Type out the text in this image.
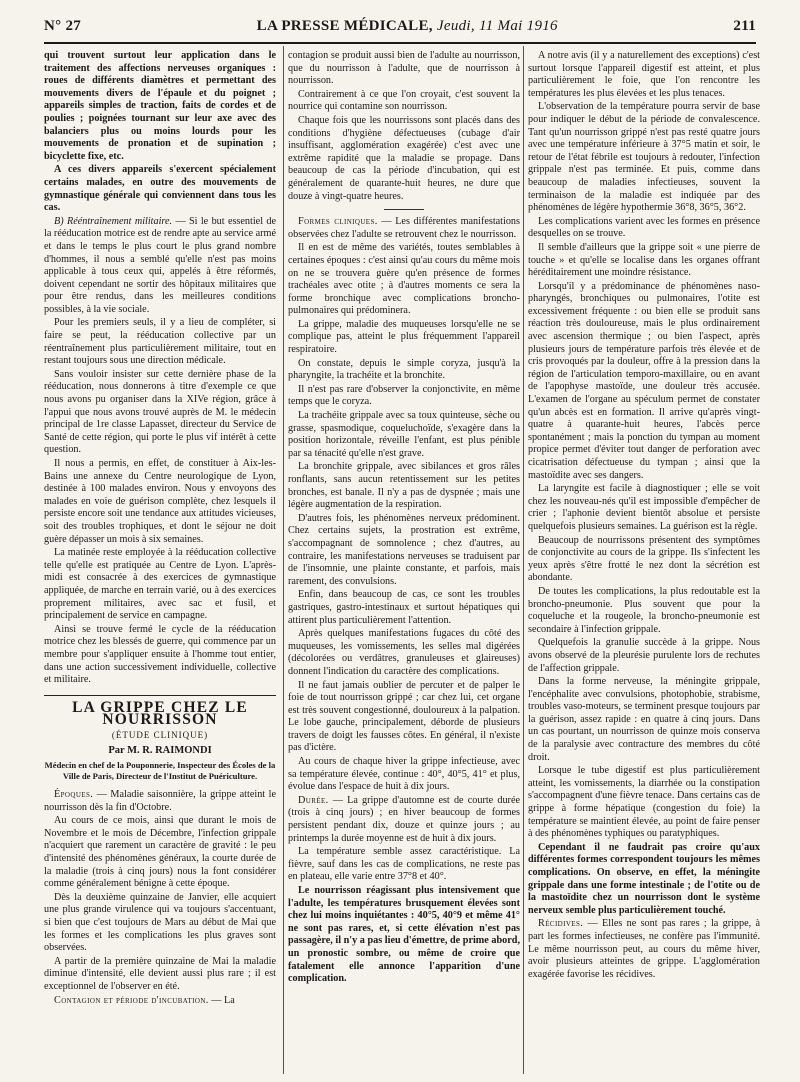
N° 27	LA PRESSE MÉDICALE, Jeudi, 11 Mai 1916	211

qui trouvent surtout leur application dans le traitement des affections nerveuses organiques : roues de différents diamètres et permettant des mouvements divers de l'épaule et du poignet ; appareils simples de traction, faits de cordes et de poulies ; poignées tournant sur leur axe avec des balanciers plus ou moins lourds pour les mouvements de pronation et de supination ; bicyclette fixe, etc.

A ces divers appareils s'exercent spécialement certains malades, en outre des mouvements de gymnastique générale qui conviennent dans tous les cas.

B) Rééntraînement militaire. — Si le but essentiel de la rééducation motrice est de rendre apte au service armé et dans le temps le plus court le plus grand nombre d'hommes, il nous a semblé qu'elle n'est pas moins applicable à tous ceux qui, appelés à être réformés, doivent cependant ne sortir des hôpitaux militaires que pour être rendus, dans les meilleures conditions possibles, à la vie sociale.

Pour les premiers seuls, il y a lieu de compléter, si faire se peut, la rééducation collective par un réentraînement plus particulièrement militaire, tout en restant toujours sous une direction médicale.

Sans vouloir insister sur cette dernière phase de la rééducation, nous donnerons à titre d'exemple ce que nous avons pu organiser dans la XIVe région, grâce à l'appui que nous avons trouvé auprès de M. le médecin principal de 1re classe Lapasset, directeur du Service de Santé de cette région, qui porte le plus vif intérêt à cette question.

Il nous a permis, en effet, de constituer à Aix-les-Bains une annexe du Centre neurologique de Lyon, destinée à 100 malades environ. Nous y envoyons des malades en voie de guérison complète, chez lesquels il persiste encore soit une tendance aux attitudes vicieuses, soit des troubles trophiques, et dont le séjour ne doit guère dépasser un mois à six semaines.

La matinée reste employée à la rééducation collective telle qu'elle est pratiquée au Centre de Lyon. L'après-midi est consacrée à des exercices de gymnastique appliquée, de marche en terrain varié, ou à des exercices proprement militaires, avec sac et fusil, et principalement de service en campagne.

Ainsi se trouve fermé le cycle de la rééducation motrice chez les blessés de guerre, qui commence par un membre pour s'appliquer ensuite à l'homme tout entier, dans une action successivement individuelle, collective et militaire.

LA GRIPPE CHEZ LE NOURRISSON
(ÉTUDE CLINIQUE)
Par M. R. RAIMONDI
Médecin en chef de la Pouponnerie, Inspecteur des Écoles de la Ville de Paris, Directeur de l'Institut de Puériculture.

Époques. — Maladie saisonnière, la grippe atteint le nourrisson dès la fin d'Octobre.

Au cours de ce mois, ainsi que durant le mois de Novembre et le mois de Décembre, l'infection grippale n'acquiert que rarement un caractère de gravité : le peu d'intensité des phénomènes généraux, la courte durée de la maladie (trois à cinq jours) nous la font considérer comme généralement bénigne à cette époque.

Dès la deuxième quinzaine de Janvier, elle acquiert une plus grande virulence qui va toujours s'accentuant, si bien que c'est toujours de Mars au début de Mai que les formes et les complications les plus graves sont observées.

A partir de la première quinzaine de Mai la maladie diminue d'intensité, elle devient aussi plus rare ; il est exceptionnel de l'observer en été.

Contagion et période d'incubation. — La

contagion se produit aussi bien de l'adulte au nourrisson, que du nourrisson à l'adulte, que de nourrisson à nourrisson.

Contrairement à ce que l'on croyait, c'est souvent la nourrice qui contamine son nourrisson.

Chaque fois que les nourrissons sont placés dans des conditions d'hygiène défectueuses (cubage d'air insuffisant, agglomération exagérée) c'est avec une extrême rapidité que la maladie se propage. Dans beaucoup de cas la période d'incubation, qui est généralement de quarante-huit heures, ne dure que douze à vingt-quatre heures.

Formes cliniques. — Les différentes manifestations observées chez l'adulte se retrouvent chez le nourrisson.

Il en est de même des variétés, toutes semblables à certaines époques : c'est ainsi qu'au cours du même mois on ne se trouvera guère qu'en présence de formes trachéales avec otite ; à d'autres moments ce sera la forme bronchique avec complications broncho-pulmonaires qui prédominera.

La grippe, maladie des muqueuses lorsqu'elle ne se complique pas, atteint le plus fréquemment l'appareil respiratoire.

On constate, depuis le simple coryza, jusqu'à la pharyngite, la trachéite et la bronchite.

Il n'est pas rare d'observer la conjonctivite, en même temps que le coryza.

La trachéite grippale avec sa toux quinteuse, sèche ou grasse, spasmodique, coqueluchoïde, s'exagère dans la position horizontale, réveille l'enfant, est plus pénible par sa ténacité qu'elle n'est grave.

La bronchite grippale, avec sibilances et gros râles ronflants, sans aucun retentissement sur les petites bronches, est banale. Il n'y a pas de dyspnée ; mais une légère augmentation de la respiration.

D'autres fois, les phénomènes nerveux prédominent. Chez certains sujets, la prostration est extrême, s'accompagnant de somnolence ; chez d'autres, au contraire, les manifestations nerveuses se traduisent par de l'insomnie, une plainte constante, et parfois, mais rarement, des convulsions.

Enfin, dans beaucoup de cas, ce sont les troubles gastriques, gastro-intestinaux et surtout hépatiques qui attirent plus particulièrement l'attention.

Après quelques manifestations fugaces du côté des muqueuses, les vomissements, les selles mal digérées (décolorées ou verdâtres, granuleuses et glaireuses) donnent l'indication du caractère des complications.

Il ne faut jamais oublier de percuter et de palper le foie de tout nourrisson grippé ; car chez lui, cet organe est très souvent congestionné, douloureux à la palpation. Le lobe gauche, principalement, déborde de plusieurs travers de doigt les fausses côtes. En général, il n'existe pas d'ictère.

Au cours de chaque hiver la grippe infectieuse, avec sa température élevée, continue : 40°, 40°5, 41° et plus, évolue dans l'espace de huit à dix jours.

Durée. — La grippe d'automne est de courte durée (trois à cinq jours) ; en hiver beaucoup de formes persistent pendant dix, douze et quinze jours ; au printemps la durée moyenne est de huit à dix jours.

La température semble assez caractéristique. La fièvre, sauf dans les cas de complications, ne reste pas en plateau, elle varie entre 37°8 et 40°.

Le nourrisson réagissant plus intensivement que l'adulte, les températures brusquement élevées sont chez lui moins inquiétantes : 40°5, 40°9 et même 41° ne sont pas rares, et, si cette élévation n'est pas passagère, il n'y a pas lieu d'émettre, de prime abord, un pronostic sombre, ou même de croire que fatalement elle annonce l'apparition d'une complication.

A notre avis (il y a naturellement des exceptions) c'est surtout lorsque l'appareil digestif est atteint, et plus particulièrement le foie, que l'on rencontre les températures les plus élevées et les plus tenaces.

L'observation de la température pourra servir de base pour indiquer le début de la période de convalescence. Tant qu'un nourrisson grippé n'est pas resté quatre jours avec une température inférieure à 37°5 matin et soir, le retour de l'état fébrile est toujours à redouter, l'infection grippale n'est pas terminée. Et puis, comme dans beaucoup de maladies infectieuses, souvent la terminaison de la maladie est indiquée par des phénomènes de légère hypothermie 36°8, 36°5, 36°2.

Les complications varient avec les formes en présence desquelles on se trouve.

Il semble d'ailleurs que la grippe soit « une pierre de touche » et qu'elle se localise dans les organes offrant héréditairement une moindre résistance.

Lorsqu'il y a prédominance de phénomènes naso-pharyngés, bronchiques ou pulmonaires, l'otite est excessivement fréquente : ou bien elle se produit sans réaction très douloureuse, mais le plus ordinairement avec ascension thermique ; ou bien l'aspect, après plusieurs jours de température parfois très élevée et de cris provoqués par la douleur, offre à la pression dans la région de l'articulation temporo-maxillaire, ou en avant de l'apophyse mastoïde, une douleur très accusée. L'examen de l'organe au spéculum permet de constater qu'un abcès est en formation. Il arrive qu'après vingt-quatre à quarante-huit heures, l'abcès perce spontanément ; mais la ponction du tympan au moment propice permet d'éviter tout danger de perforation avec cicatrisation défectueuse du tympan ; ainsi que la mastoïdite avec ses dangers.

La laryngite est facile à diagnostiquer ; elle se voit chez les nouveau-nés qu'il est impossible d'empêcher de crier ; l'aphonie devient bientôt absolue et persiste quelquefois plusieurs semaines. La guérison est la règle.

Beaucoup de nourrissons présentent des symptômes de conjonctivite au cours de la grippe. Ils s'infectent les yeux après s'être frotté le nez dont la sécrétion est abondante.

De toutes les complications, la plus redoutable est la broncho-pneumonie. Plus souvent que pour la coqueluche et la rougeole, la broncho-pneumonie est secondaire à l'infection grippale.

Quelquefois la granulie succède à la grippe. Nous avons observé de la pleurésie purulente lors de rechutes de l'affection grippale.

Dans la forme nerveuse, la méningite grippale, l'encéphalite avec convulsions, photophobie, strabisme, troubles vaso-moteurs, se terminent presque toujours par la guérison, assez rapide : en quatre à cinq jours. Dans un cas pourtant, un nourrisson de quinze mois conserva de la paralysie avec contracture des membres du côté droit.

Lorsque le tube digestif est plus particulièrement atteint, les vomissements, la diarrhée ou la constipation s'accompagnent d'une fièvre tenace. Dans certains cas de grippe à forme hépatique (congestion du foie) la température se maintient élevée, au point de faire penser à des phénomènes typhiques ou paratyphiques.

Cependant il ne faudrait pas croire qu'aux différentes formes correspondent toujours les mêmes complications. On observe, en effet, la méningite grippale dans une forme intestinale ; de l'otite ou de la mastoïdite chez un nourrisson dont le système nerveux semble plus particulièrement touché.

Récidives. — Elles ne sont pas rares ; la grippe, à part les formes infectieuses, ne confère pas l'immunité. Le même nourrisson peut, au cours du même hiver, avoir plusieurs atteintes de grippe. L'agglomération exagérée favorise les récidives.
